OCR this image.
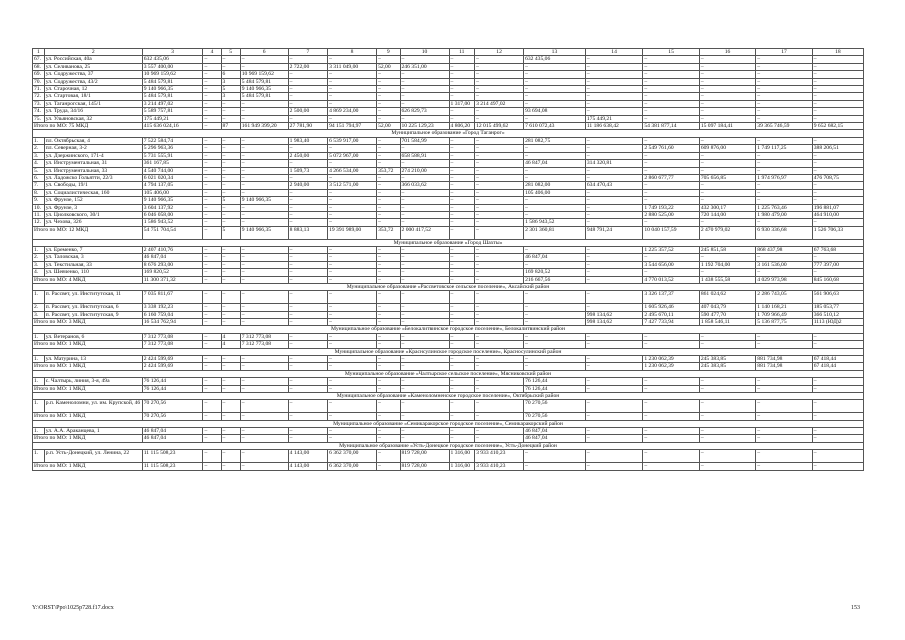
1	2	3	4	5	6	7	8	9	10	11	12	13	14	15	16	17	18
67.	ул. Российская, 40а	632 435,06	–	–	–	–	–	–	–	–	–	632 435,06	–	–	–	–	–
68.	ул. Селиванова, 25	3 557 400,00	–	–	–	2 722,00	3 311 049,00	52,00	246 351,00	–	–	–	–	–	–	–	–
69.	ул. Содружества, 37	10 969 159,62	–	6	10 969 159,62	–	–	–	–	–	–	–	–	–	–	–	–
70.	ул. Содружества, 43/2	5 484 579,81	–	3	5 484 579,81	–	–	–	–	–	–	–	–	–	–	–	–
71.	ул. Старочная, 12	9 140 966,35	–	5	9 140 966,35	–	–	–	–	–	–	–	–	–	–	–	–
72.	ул. Стартовая, 18/1	5 484 579,81	–	3	5 484 579,81	–	–	–	–	–	–	–	–	–	–	–	–
73.	ул. Таганрогская, 145/1	3 214 497,02	–	–	–	–	–	–	–	1 317,00	3 214 497,02	–	–	–	–	–	–
74.	ул. Труда, 34/16	5 589 757,81	–	–	–	2 500,00	4 869 234,00	–	626 829,73	–	–	93 694,08	–	–	–	–	–
75.	ул. Ульяновская, 32	175 449,21	–	–	–	–	–	–	–	–	–	–	175 449,21	–	–	–	–
Итого по МО: 75 МКД		415 636 024,16	–	87	161 949 399,20	27 781,90	94 151 794,97	52,00	10 225 129,23	4 806,20	12 015 499,62	7 610 072,43	11 186 638,42	54 381 877,14	15 097 184,41	39 365 746,59	9 652 682,15
Муниципальное образование «Город Таганрог»																	
1.	пл. Октябрьская, 4	7 522 584,74	–	–	–	1 983,40	6 539 917,00	–	701 584,99	–	–	281 082,75	–	–	–	–	–
2.	пл. Северная, 3-2	5 296 963,36	–	–	–	–	–	–	–	–	–	–	–	2 549 761,60	609 876,00	1 749 117,25	388 206,51
3.	ул. Дзержинского, 171-4	5 731 555,91	–	–	–	2 450,00	5 072 967,00	–	658 588,91	–	–	–	–	–	–	–	–
4.	ул. Инструментальная, 31	361 167,85	–	–	–	–	–	–	–	–	–	46 847,04	314 320,81	–	–	–	–
5.	ул. Инструментальная, 33	4 540 744,00	–	–	–	1 509,73	4 266 534,00	353,72	274 210,00	–	–	–	–	–	–	–	–
6.	ул. Ладожско Гольятти, 22/3	6 021 020,34	–	–	–	–	–	–	–	–	–	–	–	2 860 677,77	705 656,85	1 974 976,97	476 708,75
7.	ул. Свободы, 19/1	4 794 137,05	–	–	–	2 940,00	3 512 571,00	–	366 033,62	–	–	281 082,00	634 470,43	–	–	–	–
8.	ул. Социалистическая, 160	105 406,00	–	–	–	–	–	–	–	–	–	105 406,00	–	–	–	–	–
9.	ул. Фрунзе, 152	9 140 966,35	–	5	9 140 966,35	–	–	–	–	–	–	–	–	–	–	–	–
10.	ул. Фрунзе, 3	3 604 137,92	–	–	–	–	–	–	–	–	–	–	–	1 749 193,22	432 300,17	1 225 763,46	196 881,07
11.	ул. Циолковского, 30/1	6 046 058,00	–	–	–	–	–	–	–	–	–	–	–	2 880 525,00	720 144,00	1 980 479,00	464 910,00
12.	ул. Чехова, 326	1 586 943,52	–	–	–	–	–	–	–	–	–	1 586 943,52	–	–	–	–	–
Итого по МО: 12 МКД		54 751 704,54	–	5	9 140 966,35	8 883,13	19 391 989,00	353,72	2 000 417,52	–	–	2 301 360,81	948 791,24	10 040 157,59	2 470 979,02	6 930 336,68	1 526 706,33
Муниципальное образование «Город Шахты»																	
1.	ул. Еременко, 7	2 407 410,76	–	–	–	–	–	–	–	–	–	–	–	1 225 357,52	245 851,58	868 437,98	67 763,68
2.	ул. Таловская, 3	46 847,04	–	–	–	–	–	–	–	–	–	46 847,04	–	–	–	–	–
3.	ул. Текстильная, 33	8 676 293,00	–	–	–	–	–	–	–	–	–	–	–	3 544 656,00	1 192 704,00	3 161 536,00	777 397,00
4.	ул. Шевченко, 110	169 820,52	–	–	–	–	–	–	–	–	–	169 820,52	–	–	–	–	–
Итого по МО: 4 МКД		11 300 371,32	–	–	–	–	–	–	–	–	–	216 667,56	–	4 770 013,52	1 438 555,58	4 029 973,98	845 160,68
Муниципальное образование «Рассветовское сельское поселение», Аксайский район																	
1.	п. Рассвет, ул. Институтская, 11	7 035 811,67	–	–	–	–	–	–	–	–	–	–	–	3 326 137,37	861 024,62	2 286 743,05	561 906,63
2.	п. Рассвет, ул. Институтская, 6	3 338 192,23	–	–	–	–	–	–	–	–	–	–	–	1 605 926,46	407 043,79	1 140 168,21	185 053,77
3.	п. Рассвет, ул. Институтская, 9	6 160 759,04	–	–	–	–	–	–	–	–	–	–	998 134,62	2 495 670,11	590 477,70	1 709 966,49	366 510,12
Итого по МО: 3 МКД		16 534 762,94	–	–	–	–	–	–	–	–	–	–	998 134,62	7 427 733,94	1 858 546,11	5 136 877,75	1113 (ЮД)2
Муниципальное образование «Белокалитвинское городское поселение», Белокалитвинский район																	
1.	ул. Ветеранов, 6	7 312 773,08	–	4	7 312 773,08	–	–	–	–	–	–	–	–	–	–	–	–
Итого по МО: 1 МКД		7 312 773,08	–	4	7 312 773,08	–	–	–	–	–	–	–	–	–	–	–	–
Муниципальное образование «Краснсулинское городское поселение», Красносулинский район																	
1.	ул. Матурина, 13	2 424 599,69	–	–	–	–	–	–	–	–	–	–	–	1 230 062,39	245 383,85	881 734,98	67 418,44
Итого по МО: 1 МКД		2 424 599,69	–	–	–	–	–	–	–	–	–	–	–	1 230 062,39	245 383,85	881 734,98	67 418,44
Муниципальное образование «Чалтырское сельское поселение», Мясниковский район																	
1.	с. Чалтырь, линия, 3-я, 49а	76 126,44	–	–	–	–	–	–	–	–	–	76 126,44	–	–	–	–	–
Итого по МО: 1 МКД		76 126,44	–	–	–	–	–	–	–	–	–	76 126,44	–	–	–	–	–
Муниципальное образование «Каменоломненское городское поселение», Октябрьский район																	
1.	р.п. Каменоломни, ул. им. Крупской, 46	70 270,56	–	–	–	–	–	–	–	–	–	70 270,56	–	–	–	–	–
Итого по МО: 1 МКД		70 270,56	–	–	–	–	–	–	–	–	–	70 270,56	–	–	–	–	–
Муниципальное образование «Семикаракорское городское поселение», Семикаракорский район																	
1.	ул. А.А. Араканцева, 1	46 847,04	–	–	–	–	–	–	–	–	–	46 847,04	–	–	–	–	–
Итого по МО: 1 МКД		46 847,04	–	–	–	–	–	–	–	–	–	46 847,04	–	–	–	–	–
Муниципальное образование «Усть-Донецкое городское поселение», Усть-Донецкий район																	
1.	р.п. Усть-Донецкий, ул. Ленина, 22	11 115 508,23	–	–	–	4 143,00	6 362 370,00	–	819 728,00	1 316,00	3 933 410,23	–	–	–	–	–	–
Итого по МО: 1 МКД		11 115 508,23	–	–	–	4 143,00	6 362 370,00	–	819 728,00	1 316,00	3 933 410,23	–	–	–	–	–	–
Y:\ORST\Ppo\1025p728.f17.docx	153
